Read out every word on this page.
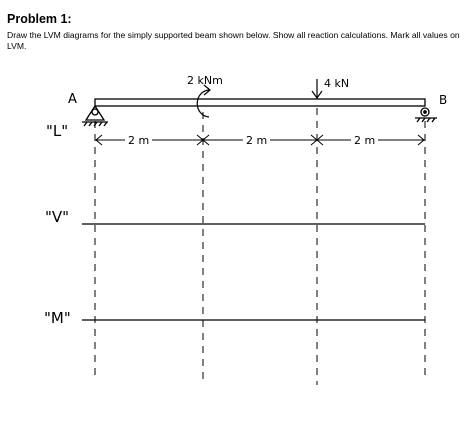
Problem 1:
Draw the LVM diagrams for the simply supported beam shown below. Show all reaction calculations. Mark all values on LVM.
A	B
2 kNm	4 kN
2 m	2 m	2 m
"L"
"V"
"M"
